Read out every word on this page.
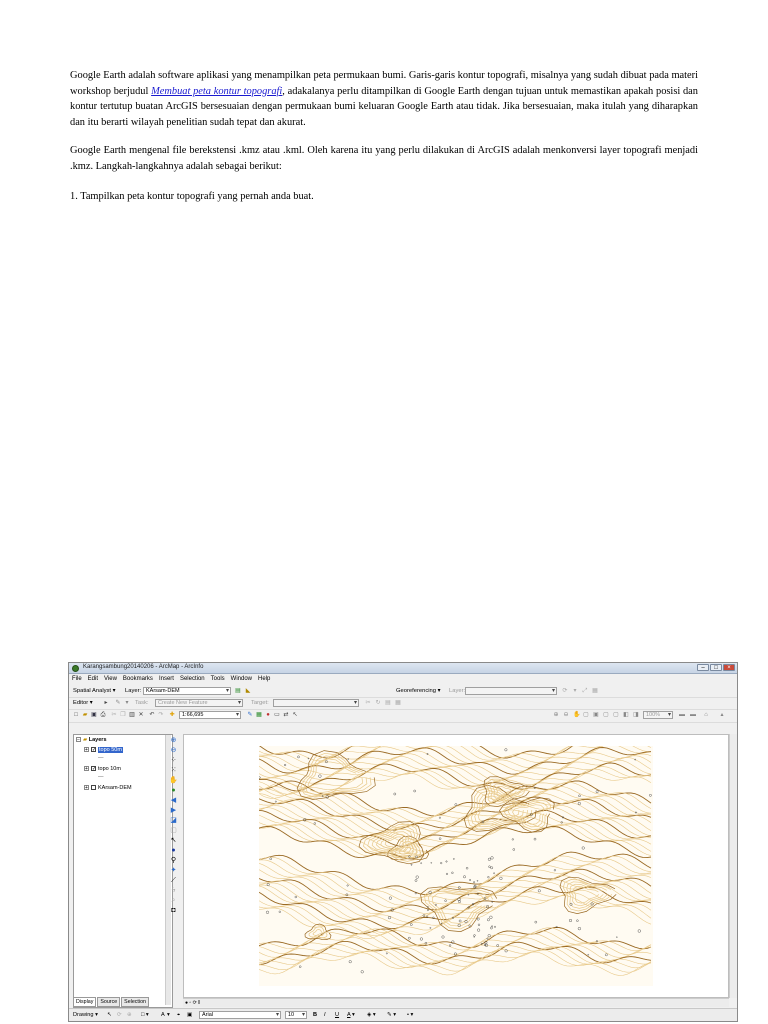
Google Earth adalah software aplikasi yang menampilkan peta permukaan bumi. Garis-garis kontur topografi, misalnya yang sudah dibuat pada materi workshop berjudul Membuat peta kontur topografi, adakalanya perlu ditampilkan di Google Earth dengan tujuan untuk memastikan apakah posisi dan kontur tertutup buatan ArcGIS bersesuaian dengan permukaan bumi keluaran Google Earth atau tidak. Jika bersesuaian, maka itulah yang diharapkan dan itu berarti wilayah penelitian sudah tepat dan akurat.
Google Earth mengenal file berekstensi .kmz atau .kml. Oleh karena itu yang perlu dilakukan di ArcGIS adalah menkonversi layer topografi menjadi .kmz. Langkah-langkahnya adalah sebagai berikut:
1. Tampilkan peta kontur topografi yang pernah anda buat.
Karangsambung20140206 - ArcMap - ArcInfo	–	□	×
File Edit View Bookmarks Insert Selection Tools Window Help
Spatial Analyst ▾ Layer: KArsam-DEM ▾	▤ ◣	Georeferencing ▾ Layer: ▾	⟳ ▾ ⤢ ▦
Editor ▾ ▸ ✎ ▾ Task:	Create New Feature ▾	Target: ▾	✂ ↻ ▤ ▦
□ ▰ ▣ ⎙ ✂ ❐ ▥ ✕ ↶ ↷ ✚	1:66,695 ▾	✎ ▦ ● ▭ ⇄ ↖	⊕ ⊖ ✋ ▢ ▣ ▢ ▢ ◧ ◨	100% ▾	▬ ▬ ⌂ ▴
− ▰ Layers
+ ✓ topo 50m
—
+ ✓ topo 10m
—
+ KArsam-DEM
Display Source Selection
⊕
⊖
⁘
⁙
✋
●
◀
▶
◪
▢
↖
●
⚲
✦
⟋
ϟ
⌕
◘
● ▫ ⟳ ‖
Drawing ▾ ↖ ⟳ ⊕ □ ▾ A ▾ ⌖ ▣	Arial ▾	10 ▾	B I U A ▾ ◈ ▾ ✎ ▾ • ▾
